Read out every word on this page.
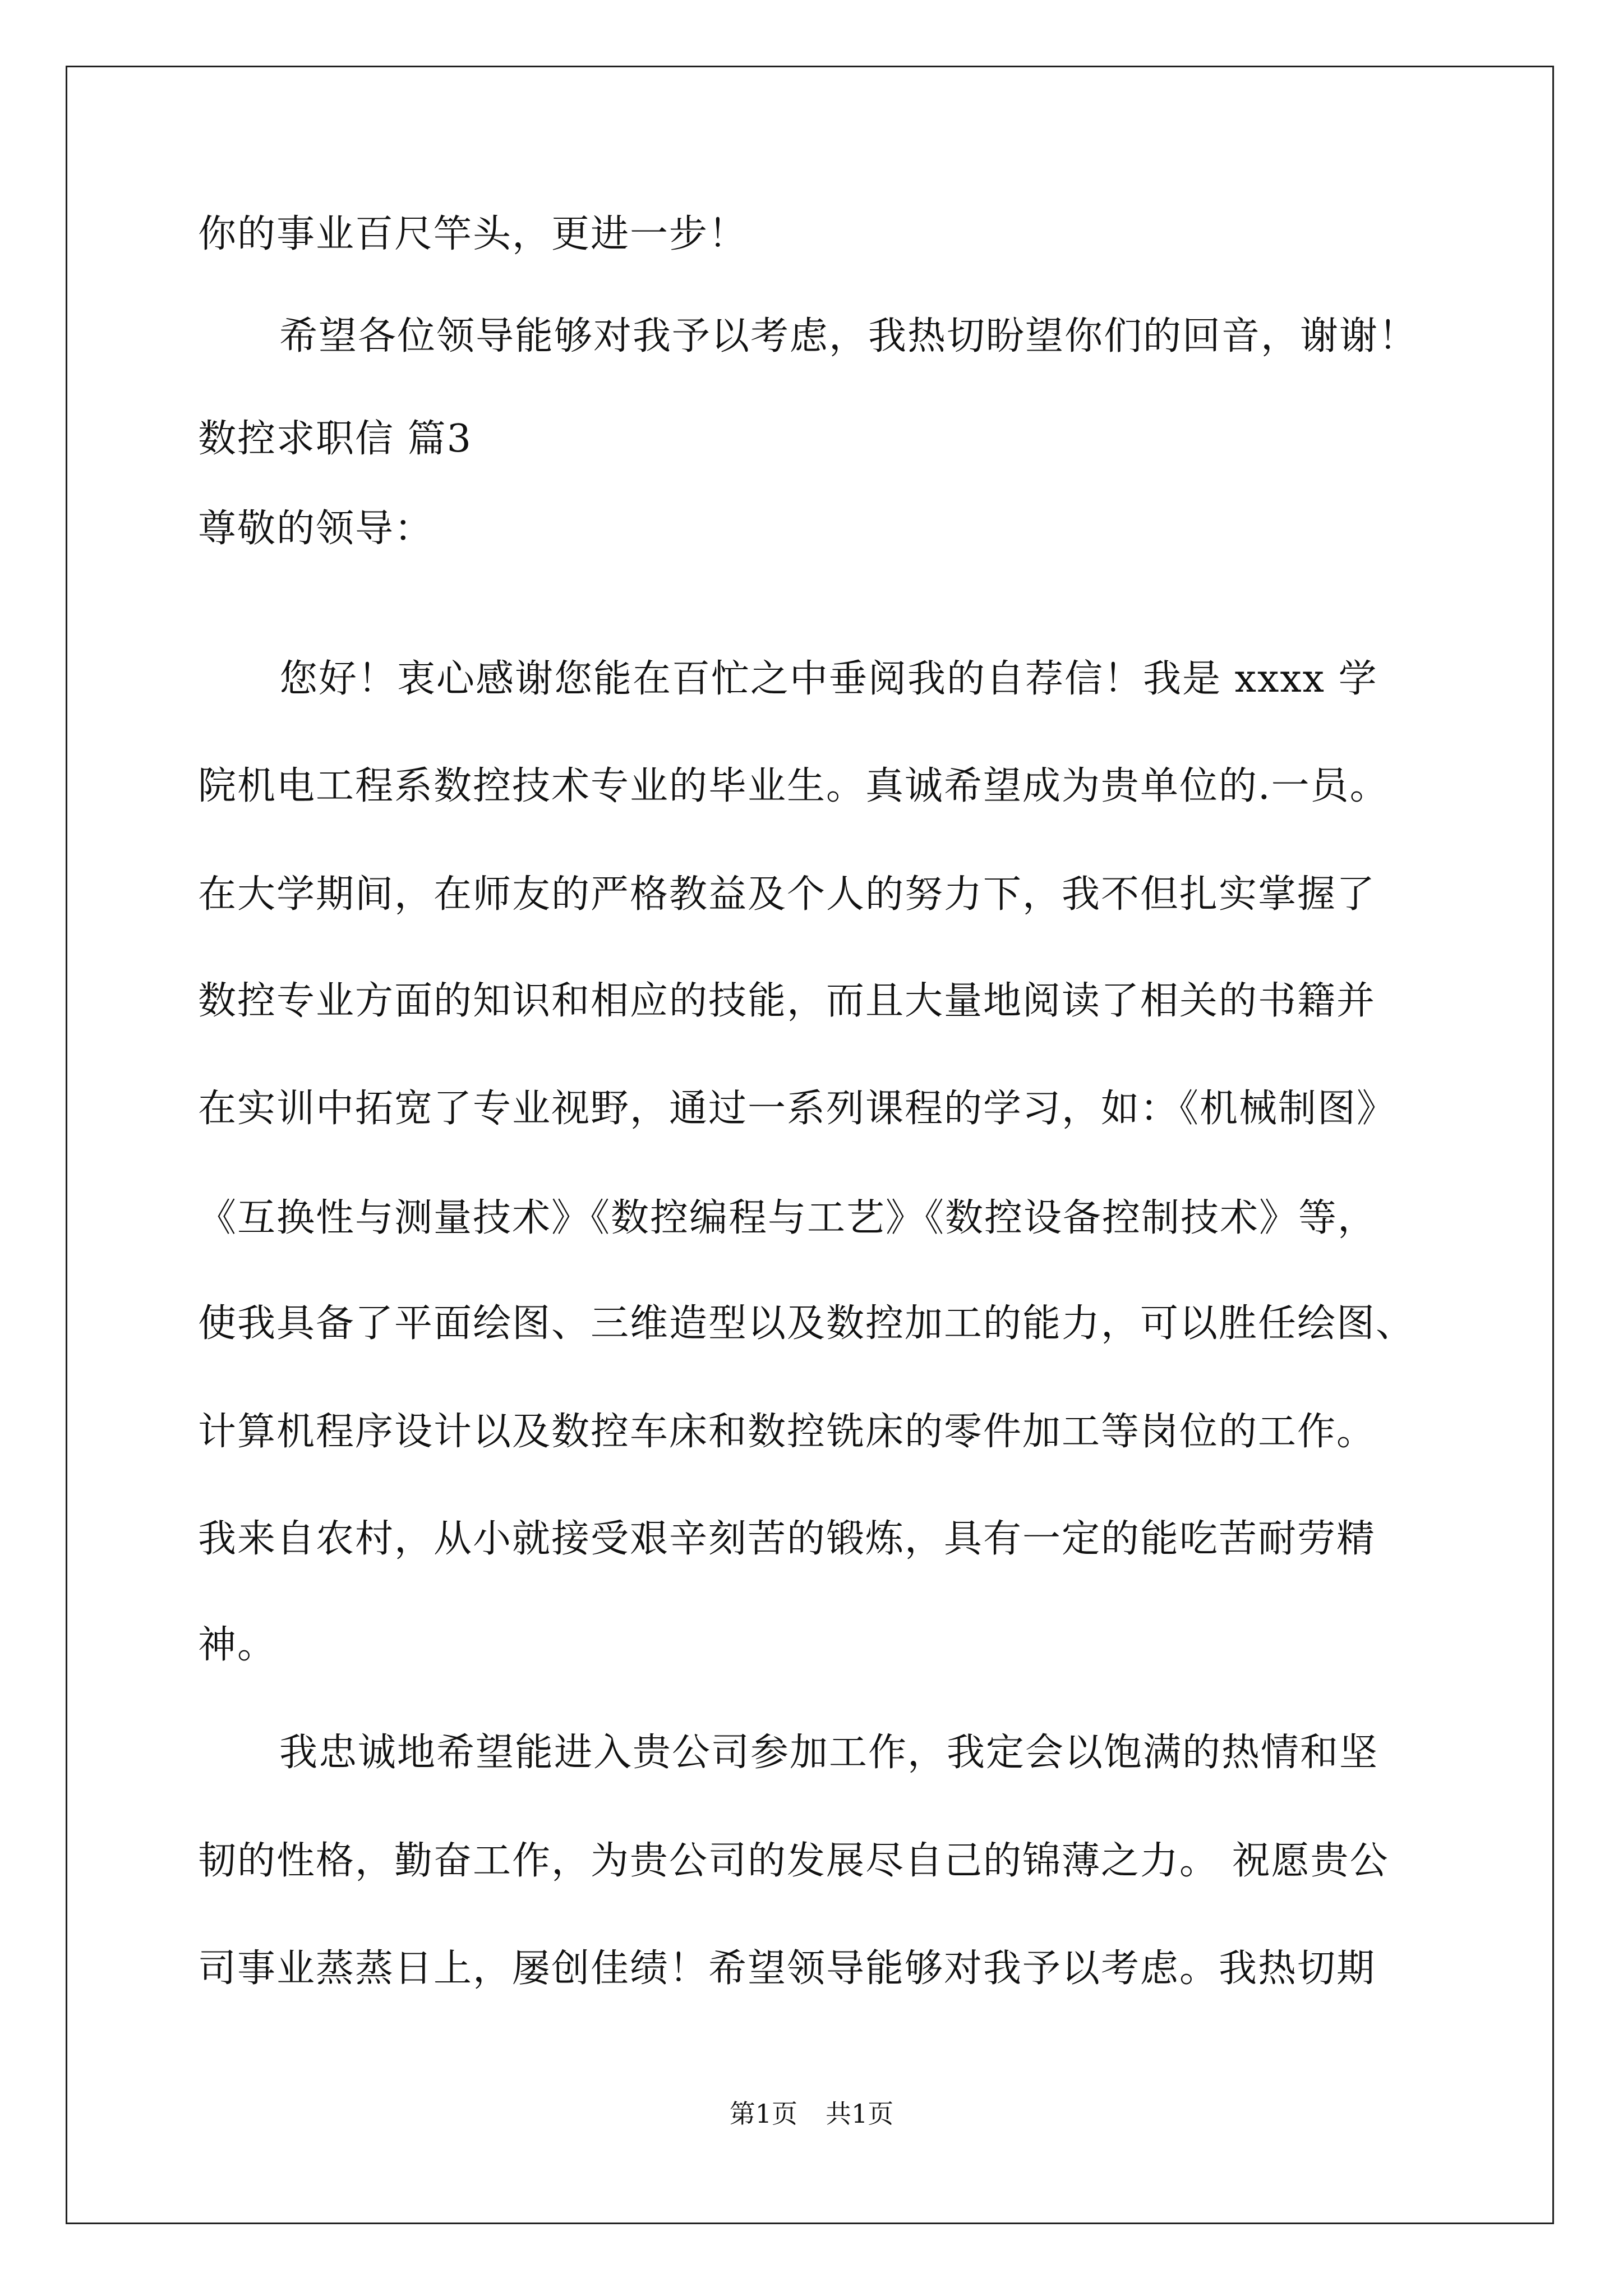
你的事业百尺竿头，更进一步！
希望各位领导能够对我予以考虑，我热切盼望你们的回音，谢谢！
数控求职信 篇3
尊敬的领导：
您好！衷心感谢您能在百忙之中垂阅我的自荐信！我是 xxxx 学
院机电工程系数控技术专业的毕业生。真诚希望成为贵单位的.一员。
在大学期间，在师友的严格教益及个人的努力下，我不但扎实掌握了
数控专业方面的知识和相应的技能，而且大量地阅读了相关的书籍并
在实训中拓宽了专业视野，通过一系列课程的学习，如：《机械制图》
《互换性与测量技术》《数控编程与工艺》《数控设备控制技术》等，
使我具备了平面绘图、三维造型以及数控加工的能力，可以胜任绘图、
计算机程序设计以及数控车床和数控铣床的零件加工等岗位的工作。
我来自农村，从小就接受艰辛刻苦的锻炼，具有一定的能吃苦耐劳精
神。
我忠诚地希望能进入贵公司参加工作，我定会以饱满的热情和坚
韧的性格，勤奋工作，为贵公司的发展尽自己的锦薄之力。 祝愿贵公
司事业蒸蒸日上，屡创佳绩！希望领导能够对我予以考虑。我热切期
第1页 共1页
